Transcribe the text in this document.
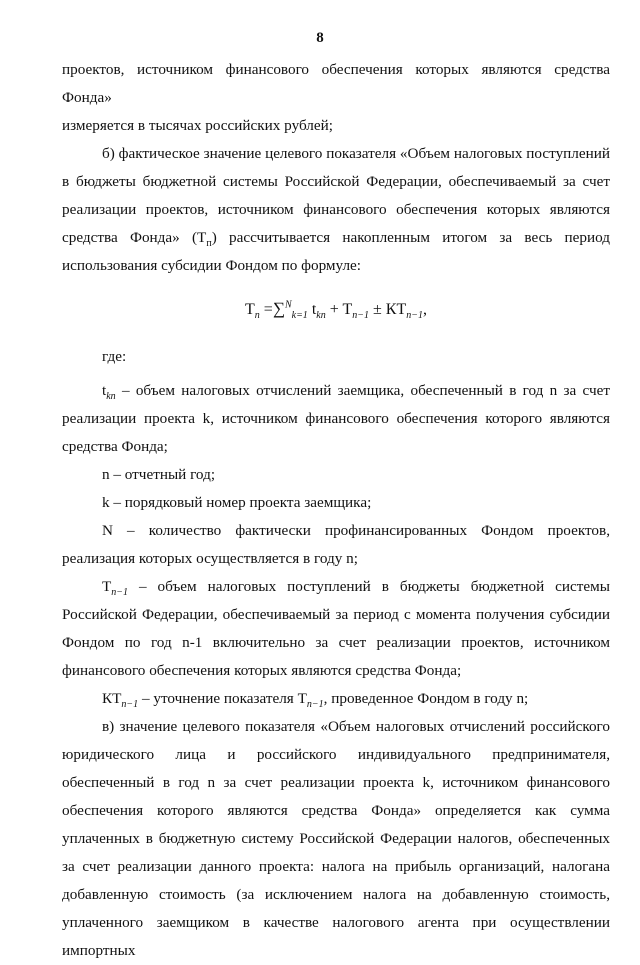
8

проектов, источником финансового обеспечения которых являются средства Фонда»

измеряется в тысячах российских рублей;

б) фактическое значение целевого показателя «Объем налоговых поступлений

в бюджеты бюджетной системы Российской Федерации, обеспечиваемый за счет

реализации проектов, источником финансового обеспечения которых являются

средства Фонда» $(Т_п)$ рассчитывается накопленным итогом за весь период

использования субсидии Фондом по формуле:

$T_n =\sum^N_{k=1}$ $t_{kn} + T_{n-1} \pm КТ_{n-1}$,

где:

$t_{kn}$ – объем налоговых отчислений заемщика, обеспеченный в год n за счет

реализации проекта k, источником финансового обеспечения которого являются

средства Фонда;

n – отчетный год;

k – порядковый номер проекта заемщика;

N – количество фактически профинансированных Фондом проектов,

реализация которых осуществляется в году n;

$T_{n-1}$ – объем налоговых поступлений в бюджеты бюджетной системы

Российской Федерации, обеспечиваемый за период с момента получения субсидии

Фондом по год n-1 включительно за счет реализации проектов, источником

финансового обеспечения которых являются средства Фонда;

$КТ_{n-1}$ – уточнение показателя $T_{n-1}$, проведенное Фондом в году n;

в) значение целевого показателя «Объем налоговых отчислений российского

юридического лица и российского индивидуального предпринимателя,

обеспеченный в год n за счет реализации проекта k, источником финансового

обеспечения которого являются средства Фонда» определяется как сумма

уплаченных в бюджетную систему Российской Федерации налогов, обеспеченных

за счет реализации данного проекта: налога на прибыль организаций, налогана

добавленную стоимость (за исключением налога на добавленную стоимость,

уплаченного заемщиком в качестве налогового агента при осуществлении импортных
